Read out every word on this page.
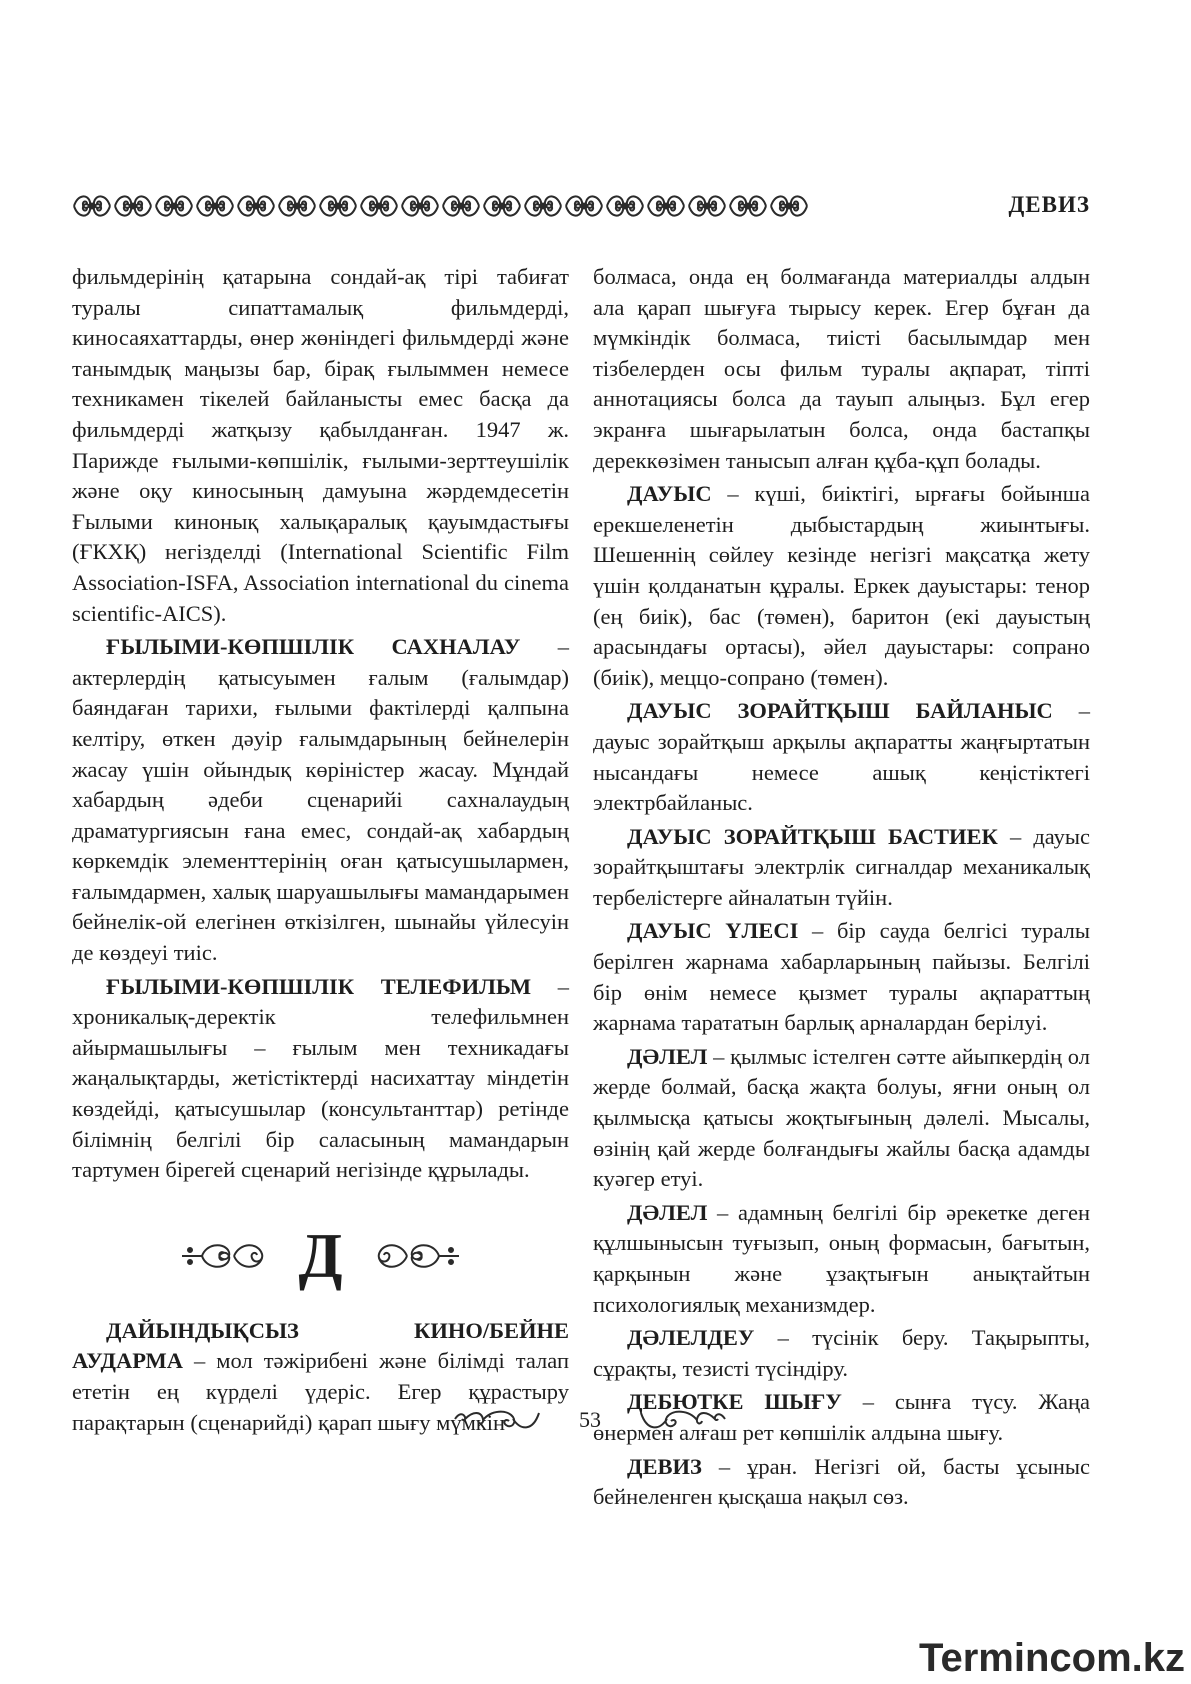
ДЕВИЗ

фильмдерінің қатарына сондай-ақ тірі табиғат туралы сипаттамалық фильмдерді, киносаяхаттарды, өнер жөніндегі фильмдерді және танымдық маңызы бар, бірақ ғылыммен немесе техникамен тікелей байланысты емес басқа да фильмдерді жатқызу қабылданған. 1947 ж. Парижде ғылыми-көпшілік, ғылыми-зерттеушілік және оқу киносының дамуына жәрдемдесетін Ғылыми кинонық халықаралық қауымдастығы (ҒКХҚ) негізделді (International Scientific Film Association-ISFA, Association international du cinema scientific-AICS).

ҒЫЛЫМИ-КӨПШІЛІК САХНАЛАУ – актерлердің қатысуымен ғалым (ғалымдар) баяндаған тарихи, ғылыми фактілерді қалпына келтіру, өткен дәуір ғалымдарының бейнелерін жасау үшін ойындық көріністер жасау. Мұндай хабардың әдеби сценарийі сахналаудың драматургиясын ғана емес, сондай-ақ хабардың көркемдік элементтерінің оған қатысушылармен, ғалымдармен, халық шаруашылығы мамандарымен бейнелік-ой елегінен өткізілген, шынайы үйлесуін де көздеуі тиіс.

ҒЫЛЫМИ-КӨПШІЛІК ТЕЛЕФИЛЬМ – хроникалық-деректік телефильмнен айырмашылығы – ғылым мен техникадағы жаңалықтарды, жетістіктерді насихаттау міндетін көздейді, қатысушылар (консультанттар) ретінде білімнің белгілі бір саласының мамандарын тартумен бірегей сценарий негізінде құрылады.

Д

ДАЙЫНДЫҚСЫЗ КИНО/БЕЙНЕ АУДАРМА – мол тәжірибені және білімді талап ететін ең күрделі үдеріс. Егер құрастыру парақтарын (сценарийді) қарап шығу мүмкін

болмаса, онда ең болмағанда материалды алдын ала қарап шығуға тырысу керек. Егер бұған да мүмкіндік болмаса, тиісті басылымдар мен тізбелерден осы фильм туралы ақпарат, тіпті аннотациясы болса да тауып алыңыз. Бұл егер экранға шығарылатын болса, онда бастапқы дереккөзімен танысып алған құба-құп болады.

ДАУЫС – күші, биіктігі, ырғағы бойынша ерекшеленетін дыбыстардың жиынтығы. Шешеннің сөйлеу кезінде негізгі мақсатқа жету үшін қолданатын құралы. Еркек дауыстары: тенор (ең биік), бас (төмен), баритон (екі дауыстың арасындағы ортасы), әйел дауыстары: сопрано (биік), меццо-сопрано (төмен).

ДАУЫС ЗОРАЙТҚЫШ БАЙЛАНЫС – дауыс зорайтқыш арқылы ақпаратты жаңғыртатын нысандағы немесе ашық кеңістіктегі электрбайланыс.

ДАУЫС ЗОРАЙТҚЫШ БАСТИЕК – дауыс зорайтқыштағы электрлік сигналдар механикалық тербелістерге айналатын түйін.

ДАУЫС ҮЛЕСІ – бір сауда белгісі туралы берілген жарнама хабарларының пайызы. Белгілі бір өнім немесе қызмет туралы ақпараттың жарнама тарататын барлық арналардан берілуі.

ДӘЛЕЛ – қылмыс істелген сәтте айыпкердің ол жерде болмай, басқа жақта болуы, яғни оның ол қылмысқа қатысы жоқтығының дәлелі. Мысалы, өзінің қай жерде болғандығы жайлы басқа адамды куәгер етуі.

ДӘЛЕЛ – адамның белгілі бір әрекетке деген құлшынысын туғызып, оның формасын, бағытын, қарқынын және ұзақтығын анықтайтын психологиялық механизмдер.

ДӘЛЕЛДЕУ – түсінік беру. Тақырыпты, сұрақты, тезисті түсіндіру.

ДЕБЮТКЕ ШЫҒУ – сынға түсу. Жаңа өнермен алғаш рет көпшілік алдына шығу.

ДЕВИЗ – ұран. Негізгі ой, басты ұсыныс бейнеленген қысқаша нақыл сөз.

53
Termincom.kz
